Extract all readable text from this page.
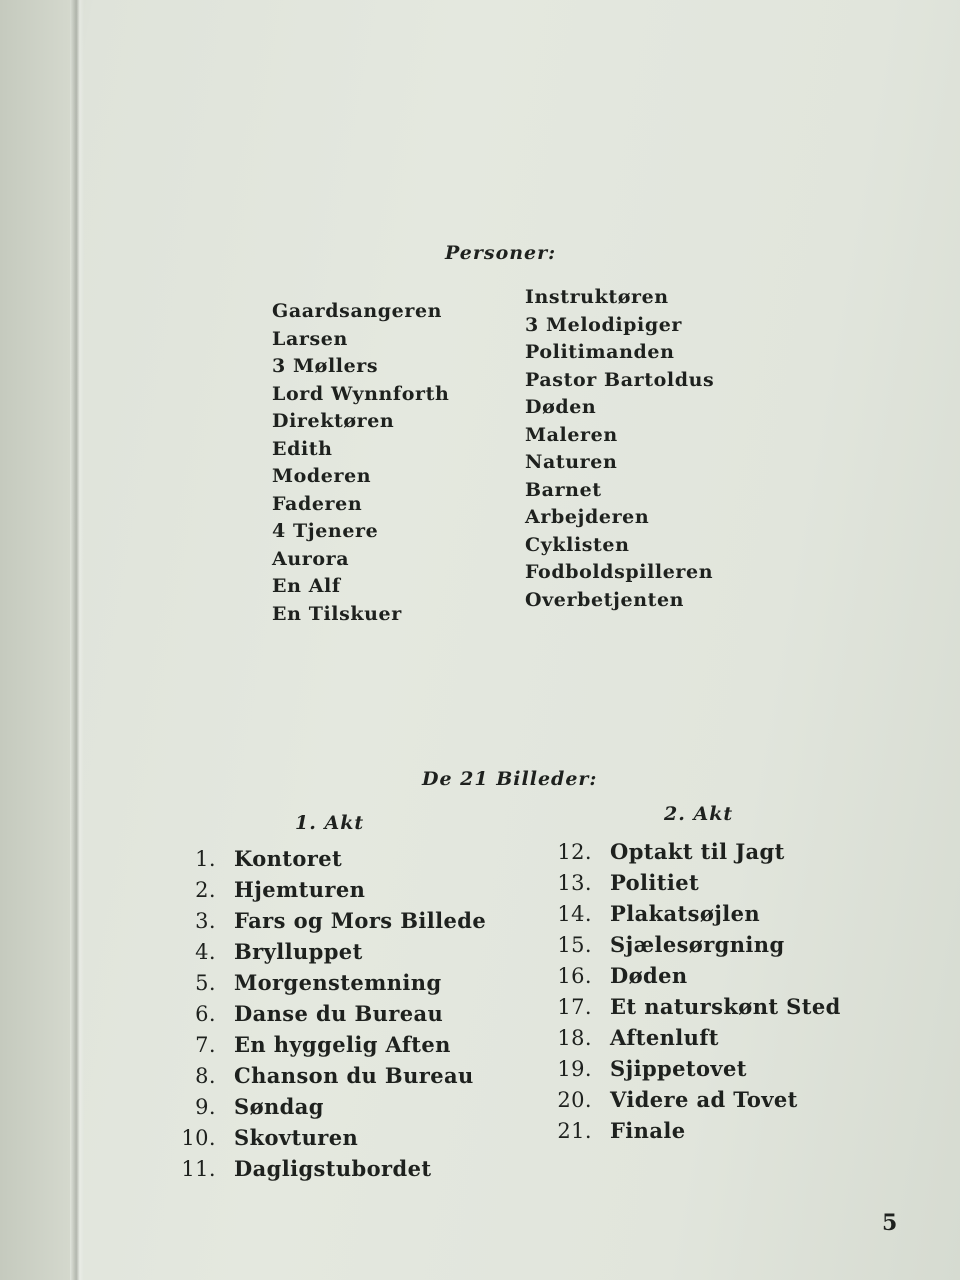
Personer:
Gaardsangeren
Larsen
3 Møllers
Lord Wynnforth
Direktøren
Edith
Moderen
Faderen
4 Tjenere
Aurora
En Alf
En Tilskuer
Instruktøren
3 Melodipiger
Politimanden
Pastor Bartoldus
Døden
Maleren
Naturen
Barnet
Arbejderen
Cyklisten
Fodboldspilleren
Overbetjenten
De 21 Billeder:
1. Akt	2. Akt
1. Kontoret
2. Hjemturen
3. Fars og Mors Billede
4. Brylluppet
5. Morgenstemning
6. Danse du Bureau
7. En hyggelig Aften
8. Chanson du Bureau
9. Søndag
10. Skovturen
11. Dagligstubordet
12. Optakt til Jagt
13. Politiet
14. Plakatsøjlen
15. Sjælesørgning
16. Døden
17. Et naturskønt Sted
18. Aftenluft
19. Sjippetovet
20. Videre ad Tovet
21. Finale
5
